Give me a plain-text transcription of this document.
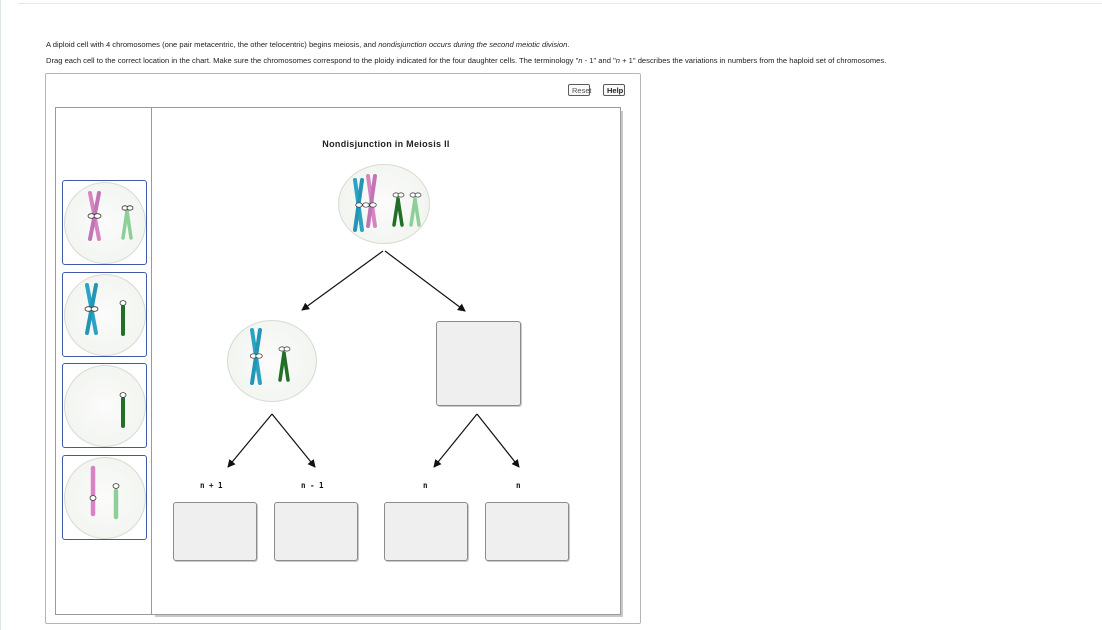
A diploid cell with 4 chromosomes (one pair metacentric, the other telocentric) begins meiosis, and nondisjunction occurs during the second meiotic division.
Drag each cell to the correct location in the chart. Make sure the chromosomes correspond to the ploidy indicated for the four daughter cells. The terminology "n - 1" and "n + 1" describes the variations in numbers from the haploid set of chromosomes.
Reset	Help
Nondisjunction in Meiosis II
n + 1	n - 1	n	n
